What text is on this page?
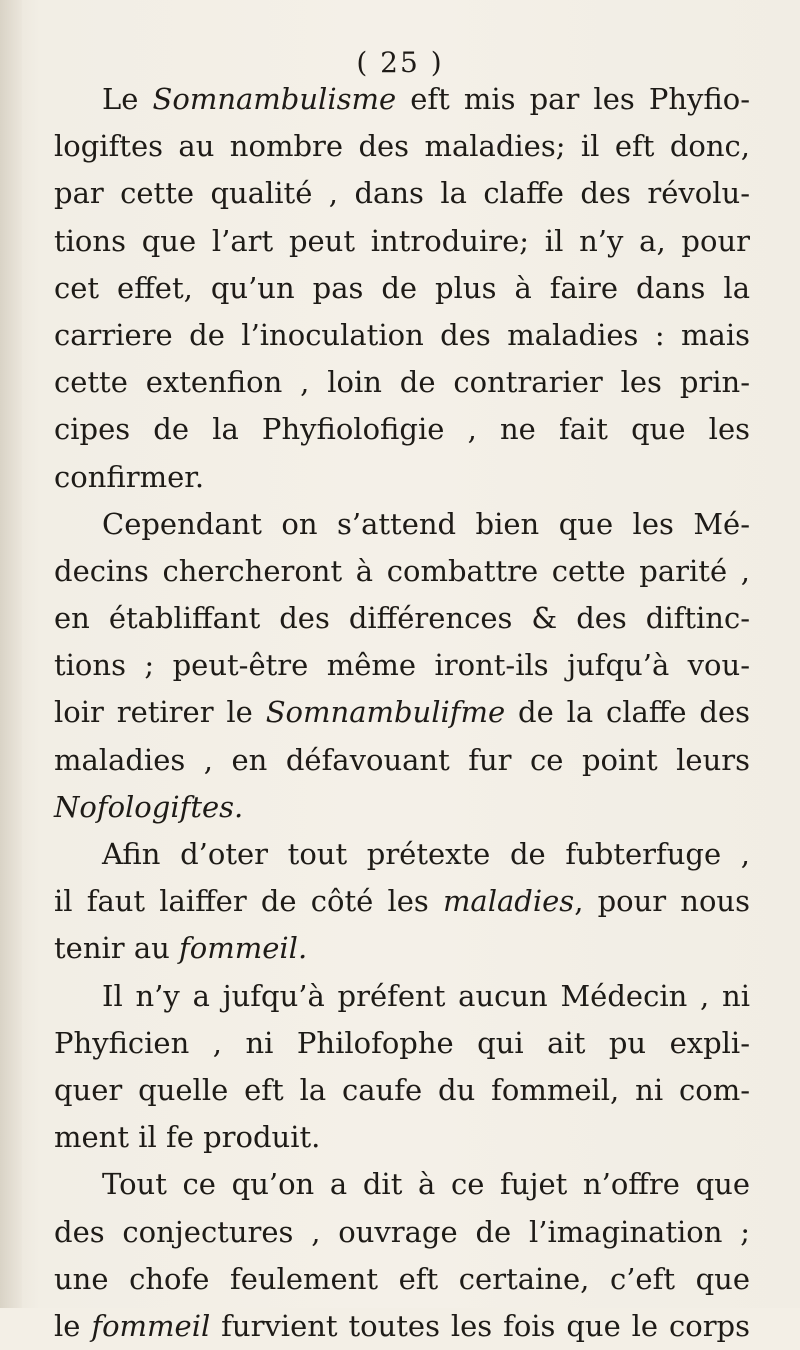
( 25 )
Le Somnambulisme eft mis par les Phyfio-
logiftes au nombre des maladies; il eft donc,
par cette qualité , dans la claffe des révolu-
tions que l’art peut introduire; il n’y a, pour
cet effet, qu’un pas de plus à faire dans la
carriere de l’inoculation des maladies : mais
cette extenfion , loin de contrarier les prin-
cipes de la Phyfiolofigie , ne fait que les
confirmer.
Cependant on s’attend bien que les Mé-
decins chercheront à combattre cette parité ,
en établiffant des différences & des diftinc-
tions ; peut-être même iront-ils jufqu’à vou-
loir retirer le Somnambulifme de la claffe des
maladies , en défavouant fur ce point leurs
Nofologiftes.
Afin d’oter tout prétexte de fubterfuge ,
il faut laiffer de côté les maladies, pour nous
tenir au fommeil.
Il n’y a jufqu’à préfent aucun Médecin , ni
Phyficien , ni Philofophe qui ait pu expli-
quer quelle eft la caufe du fommeil, ni com-
ment il fe produit.
Tout ce qu’on a dit à ce fujet n’offre que
des conjectures , ouvrage de l’imagination ;
une chofe feulement eft certaine, c’eft que
le fommeil furvient toutes les fois que le corps
